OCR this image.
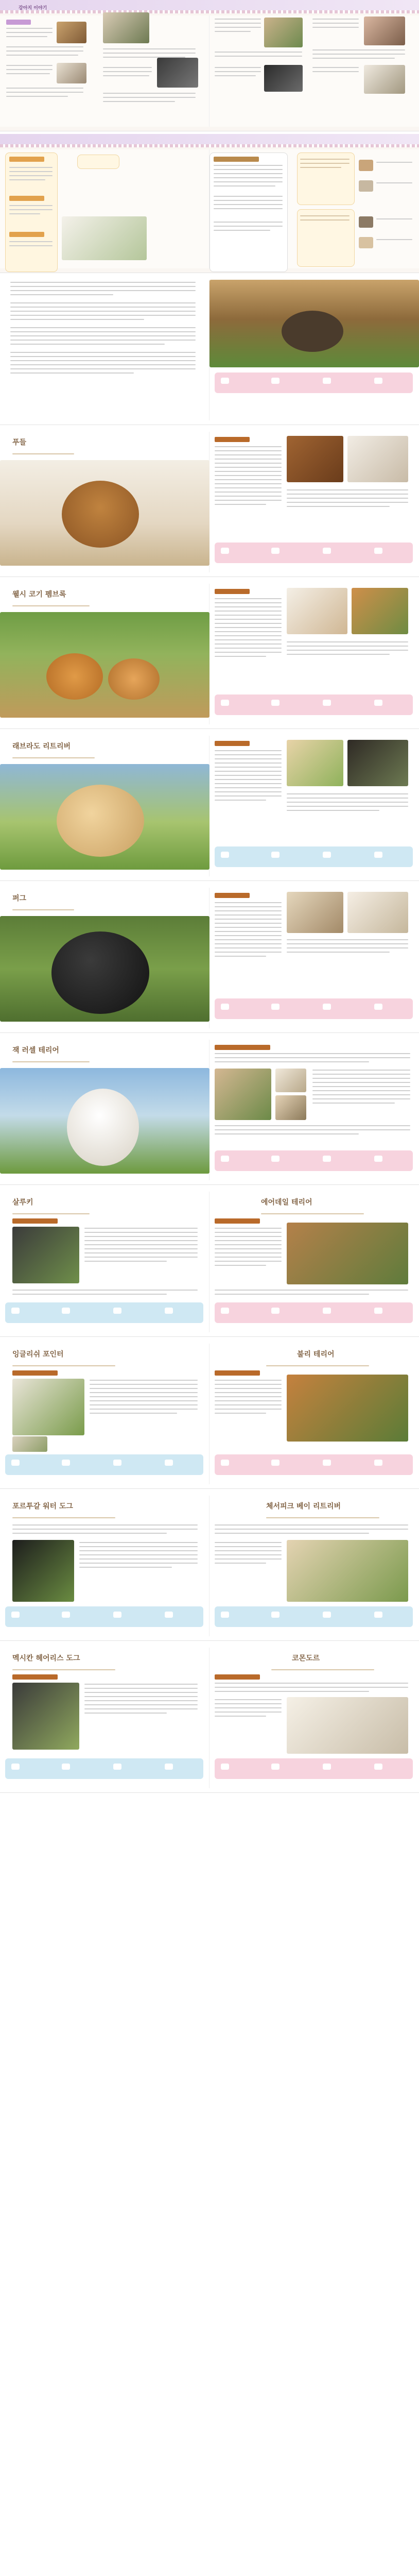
강아지 이야기
푸들
웰시 코기 펨브록
래브라도 리트리버
퍼그
잭 러셀 테리어
살루키	에어데일 테리어
잉글리쉬 포인터	불리 테리어
포르투갈 워터 도그	체서피크 베이 리트리버
멕시칸 헤어리스 도그	코몬도르
